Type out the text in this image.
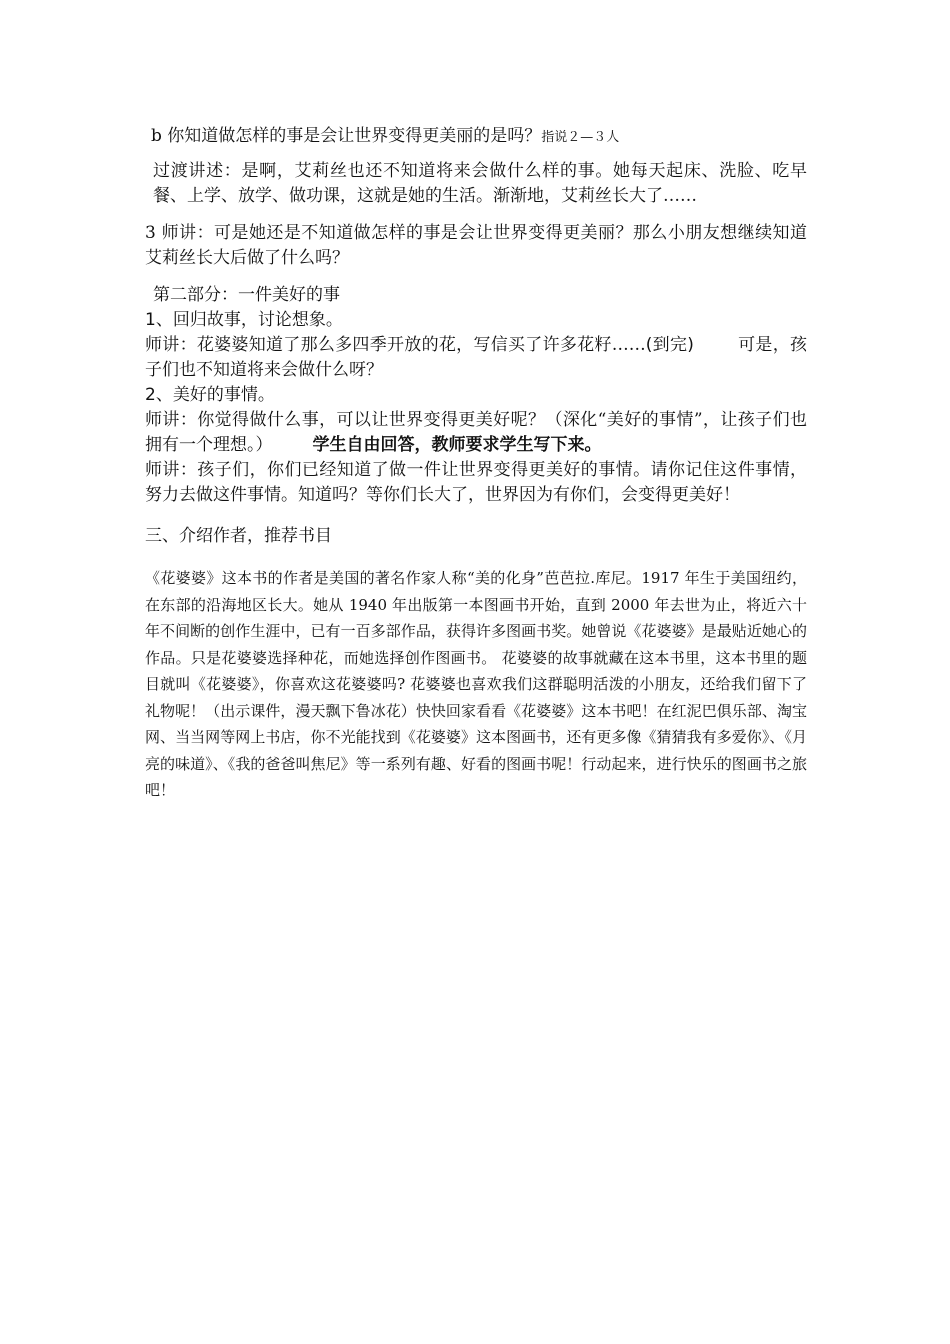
b 你知道做怎样的事是会让世界变得更美丽的是吗？指说２—３人

过渡讲述：是啊，艾莉丝也还不知道将来会做什么样的事。她每天起床、洗脸、吃早餐、上学、放学、做功课，这就是她的生活。渐渐地，艾莉丝长大了……

3 师讲：可是她还是不知道做怎样的事是会让世界变得更美丽？那么小朋友想继续知道艾莉丝长大后做了什么吗？

第二部分：一件美好的事

1、回归故事，讨论想象。

师讲：花婆婆知道了那么多四季开放的花，写信买了许多花籽……(到完)	可是，孩子们也不知道将来会做什么呀？

2、美好的事情。

师讲：你觉得做什么事，可以让世界变得更美好呢？（深化“美好的事情”，让孩子们也拥有一个理想。） 学生自由回答，教师要求学生写下来。

师讲：孩子们，你们已经知道了做一件让世界变得更美好的事情。请你记住这件事情，努力去做这件事情。知道吗？等你们长大了，世界因为有你们，会变得更美好！

三、介绍作者，推荐书目

《花婆婆》这本书的作者是美国的著名作家人称“美的化身”芭芭拉.库尼。1917 年生于美国纽约，在东部的沿海地区长大。她从 1940 年出版第一本图画书开始，直到 2000 年去世为止，将近六十年不间断的创作生涯中，已有一百多部作品，获得许多图画书奖。她曾说《花婆婆》是最贴近她心的作品。只是花婆婆选择种花，而她选择创作图画书。 花婆婆的故事就藏在这本书里，这本书里的题目就叫《花婆婆》，你喜欢这花婆婆吗? 花婆婆也喜欢我们这群聪明活泼的小朋友，还给我们留下了礼物呢！（出示课件，漫天飘下鲁冰花）快快回家看看《花婆婆》这本书吧！在红泥巴俱乐部、淘宝网、当当网等网上书店，你不光能找到《花婆婆》这本图画书，还有更多像《猜猜我有多爱你》、《月亮的味道》、《我的爸爸叫焦尼》等一系列有趣、好看的图画书呢！行动起来，进行快乐的图画书之旅吧！
